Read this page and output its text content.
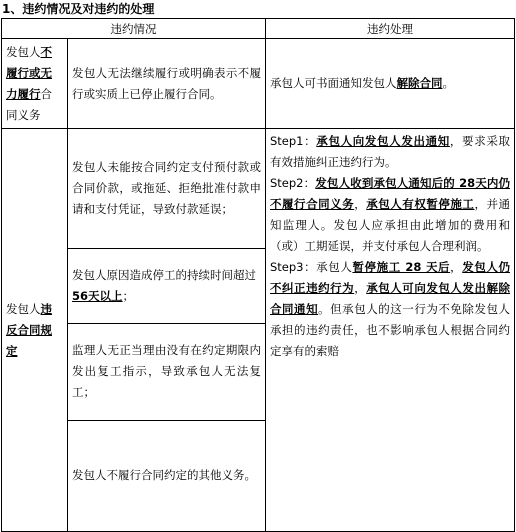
1、违约情况及对违约的处理
违约情况		违约处理
发包人不履行或无力履行合同义务	发包人无法继续履行或明确表示不履行或实质上已停止履行合同。	承包人可书面通知发包人解除合同。
发包人违反合同规定	发包人未能按合同约定支付预付款或合同价款，或拖延、拒绝批准付款申请和支付凭证，导致付款延误；	Step1：承包人向发包人发出通知，要求采取有效措施纠正违约行为。

Step2：发包人收到承包人通知后的 28天内仍不履行合同义务，承包人有权暂停施工，并通知监理人。发包人应承担由此增加的费用和（或）工期延误，并支付承包人合理利润。

Step3：承包人暂停施工 28 天后，发包人仍不纠正违约行为，承包人可向发包人发出解除合同通知。但承包人的这一行为不免除发包人承担的违约责任，也不影响承包人根据合同约定享有的索赔

	发包人原因造成停工的持续时间超过56天以上；	
	监理人无正当理由没有在约定期限内发出复工指示，导致承包人无法复工；	
	发包人不履行合同约定的其他义务。	
